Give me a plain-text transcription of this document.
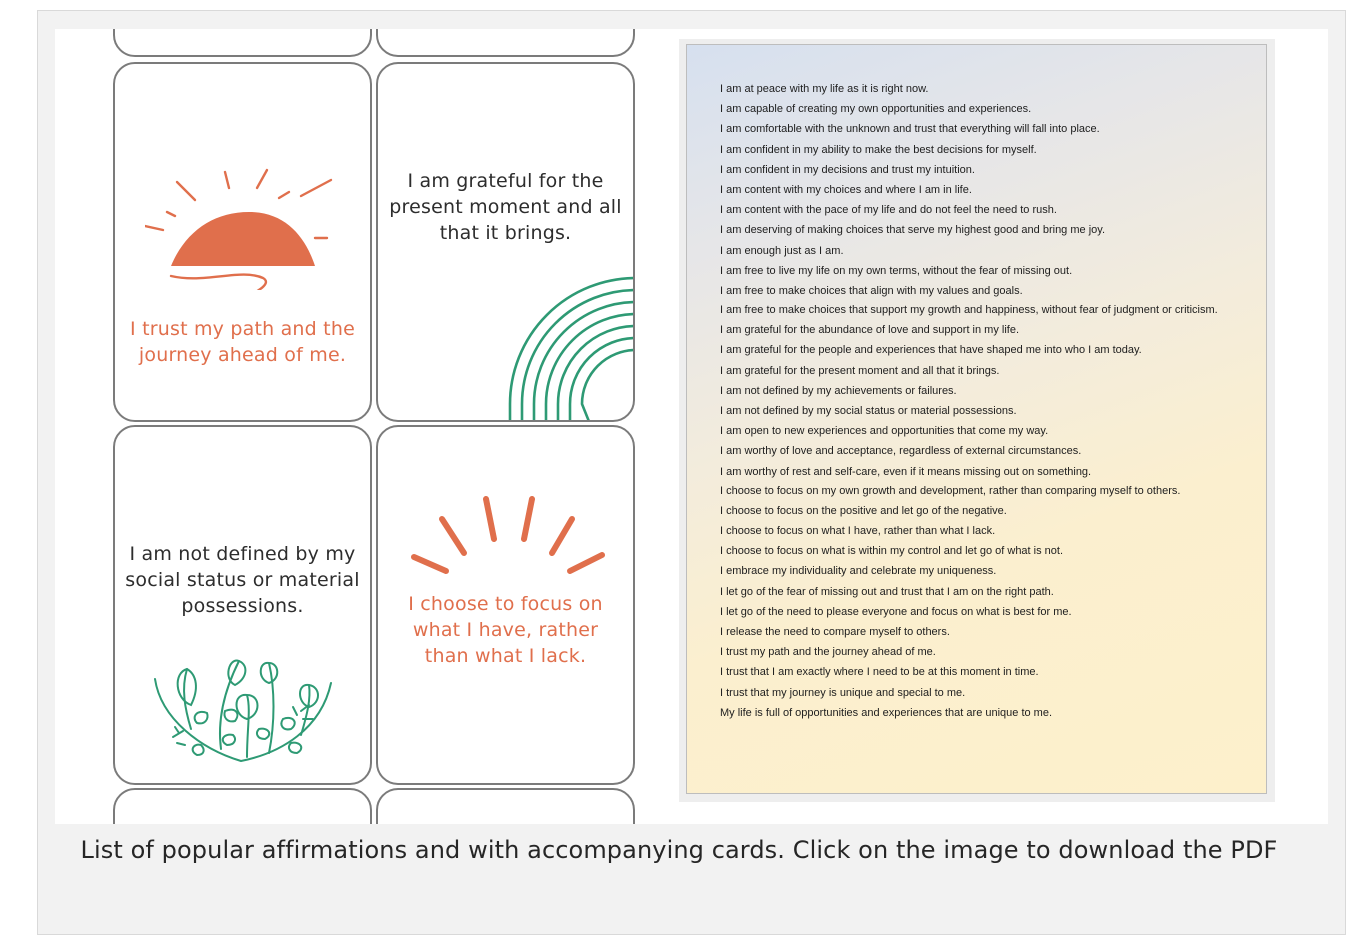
I trust my path and the
journey ahead of me.
I am grateful for the
present moment and all
that it brings.
I am not defined by my
social status or material
possessions.	I choose to focus on
what I have, rather
than what I lack.
I am at peace with my life as it is right now.
I am capable of creating my own opportunities and experiences.
I am comfortable with the unknown and trust that everything will fall into place.
I am confident in my ability to make the best decisions for myself.
I am confident in my decisions and trust my intuition.
I am content with my choices and where I am in life.
I am content with the pace of my life and do not feel the need to rush.
I am deserving of making choices that serve my highest good and bring me joy.
I am enough just as I am.
I am free to live my life on my own terms, without the fear of missing out.
I am free to make choices that align with my values and goals.
I am free to make choices that support my growth and happiness, without fear of judgment or criticism.
I am grateful for the abundance of love and support in my life.
I am grateful for the people and experiences that have shaped me into who I am today.
I am grateful for the present moment and all that it brings.
I am not defined by my achievements or failures.
I am not defined by my social status or material possessions.
I am open to new experiences and opportunities that come my way.
I am worthy of love and acceptance, regardless of external circumstances.
I am worthy of rest and self-care, even if it means missing out on something.
I choose to focus on my own growth and development, rather than comparing myself to others.
I choose to focus on the positive and let go of the negative.
I choose to focus on what I have, rather than what I lack.
I choose to focus on what is within my control and let go of what is not.
I embrace my individuality and celebrate my uniqueness.
I let go of the fear of missing out and trust that I am on the right path.
I let go of the need to please everyone and focus on what is best for me.
I release the need to compare myself to others.
I trust my path and the journey ahead of me.
I trust that I am exactly where I need to be at this moment in time.
I trust that my journey is unique and special to me.
My life is full of opportunities and experiences that are unique to me.
List of popular affirmations and with accompanying cards. Click on the image to download the PDF
